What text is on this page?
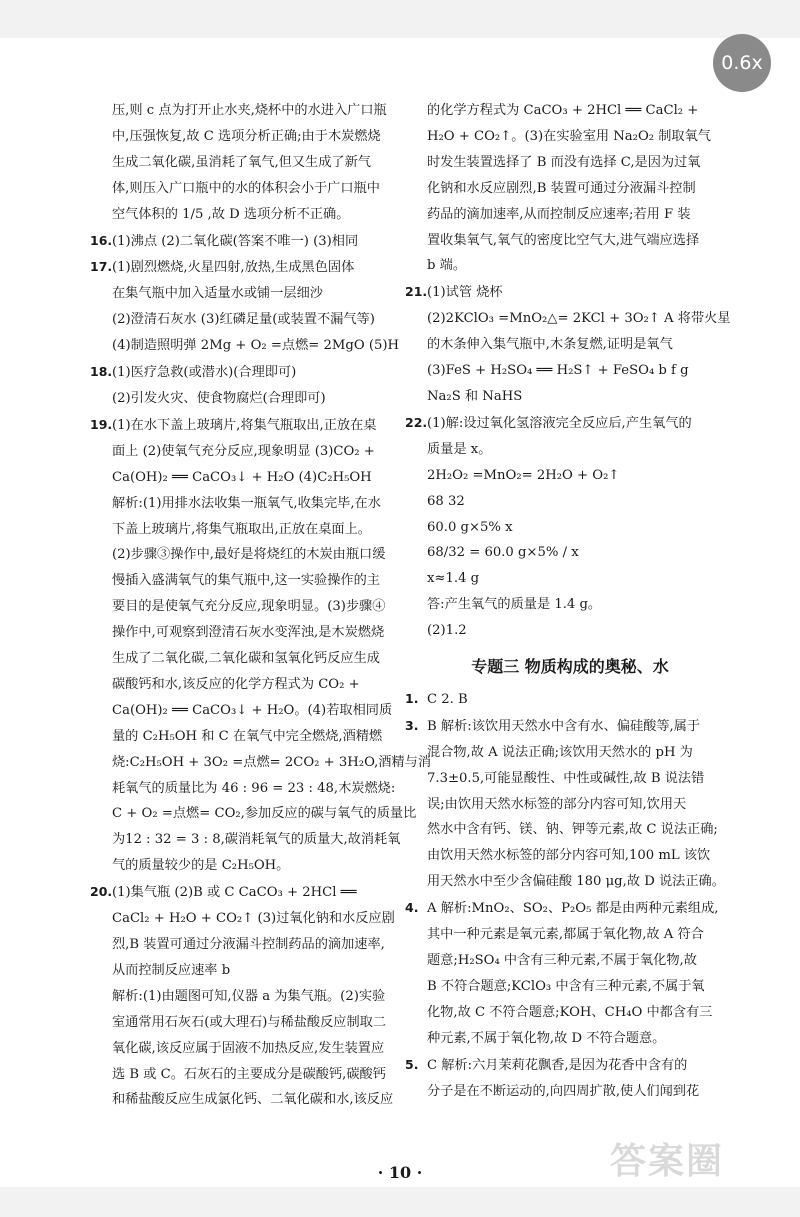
0.6x
压,则 c 点为打开止水夹,烧杯中的水进入广口瓶
中,压强恢复,故 C 选项分析正确;由于木炭燃烧
生成二氧化碳,虽消耗了氧气,但又生成了新气
体,则压入广口瓶中的水的体积会小于广口瓶中
空气体积的 1/5 ,故 D 选项分析不正确。
16.(1)沸点 (2)二氧化碳(答案不唯一) (3)相同
17.(1)剧烈燃烧,火星四射,放热,生成黑色固体
在集气瓶中加入适量水或铺一层细沙
(2)澄清石灰水 (3)红磷足量(或装置不漏气等)
(4)制造照明弹 2Mg + O₂ =点燃= 2MgO (5)H
18.(1)医疗急救(或潜水)(合理即可)
(2)引发火灾、使食物腐烂(合理即可)
19.(1)在水下盖上玻璃片,将集气瓶取出,正放在桌
面上 (2)使氧气充分反应,现象明显 (3)CO₂ +
Ca(OH)₂ ══ CaCO₃↓ + H₂O (4)C₂H₅OH
解析:(1)用排水法收集一瓶氧气,收集完毕,在水
下盖上玻璃片,将集气瓶取出,正放在桌面上。
(2)步骤③操作中,最好是将烧红的木炭由瓶口缓
慢插入盛满氧气的集气瓶中,这一实验操作的主
要目的是使氧气充分反应,现象明显。(3)步骤④
操作中,可观察到澄清石灰水变浑浊,是木炭燃烧
生成了二氧化碳,二氧化碳和氢氧化钙反应生成
碳酸钙和水,该反应的化学方程式为 CO₂ +
Ca(OH)₂ ══ CaCO₃↓ + H₂O。(4)若取相同质
量的 C₂H₅OH 和 C 在氧气中完全燃烧,酒精燃
烧:C₂H₅OH + 3O₂ =点燃= 2CO₂ + 3H₂O,酒精与消
耗氧气的质量比为 46 : 96 = 23 : 48,木炭燃烧:
C + O₂ =点燃= CO₂,参加反应的碳与氧气的质量比
为12 : 32 = 3 : 8,碳消耗氧气的质量大,故消耗氧
气的质量较少的是 C₂H₅OH。
20.(1)集气瓶 (2)B 或 C CaCO₃ + 2HCl ══
CaCl₂ + H₂O + CO₂↑ (3)过氧化钠和水反应剧
烈,B 装置可通过分液漏斗控制药品的滴加速率,
从而控制反应速率 b
解析:(1)由题图可知,仪器 a 为集气瓶。(2)实验
室通常用石灰石(或大理石)与稀盐酸反应制取二
氧化碳,该反应属于固液不加热反应,发生装置应
选 B 或 C。石灰石的主要成分是碳酸钙,碳酸钙
和稀盐酸反应生成氯化钙、二氧化碳和水,该反应
的化学方程式为 CaCO₃ + 2HCl ══ CaCl₂ +
H₂O + CO₂↑。(3)在实验室用 Na₂O₂ 制取氧气
时发生装置选择了 B 而没有选择 C,是因为过氧
化钠和水反应剧烈,B 装置可通过分液漏斗控制
药品的滴加速率,从而控制反应速率;若用 F 装
置收集氧气,氧气的密度比空气大,进气端应选择
b 端。
21.(1)试管 烧杯
(2)2KClO₃ =MnO₂△= 2KCl + 3O₂↑ A 将带火星
的木条伸入集气瓶中,木条复燃,证明是氧气
(3)FeS + H₂SO₄ ══ H₂S↑ + FeSO₄ b f g
Na₂S 和 NaHS
22.(1)解:设过氧化氢溶液完全反应后,产生氧气的
质量是 x。
2H₂O₂ =MnO₂= 2H₂O + O₂↑
68 32
60.0 g×5% x
68/32 = 60.0 g×5% / x
x≈1.4 g
答:产生氧气的质量是 1.4 g。
(2)1.2
专题三 物质构成的奥秘、水
1. C 2. B
3. B 解析:该饮用天然水中含有水、偏硅酸等,属于
混合物,故 A 说法正确;该饮用天然水的 pH 为
7.3±0.5,可能显酸性、中性或碱性,故 B 说法错
误;由饮用天然水标签的部分内容可知,饮用天
然水中含有钙、镁、钠、钾等元素,故 C 说法正确;
由饮用天然水标签的部分内容可知,100 mL 该饮
用天然水中至少含偏硅酸 180 μg,故 D 说法正确。
4. A 解析:MnO₂、SO₂、P₂O₅ 都是由两种元素组成,
其中一种元素是氧元素,都属于氧化物,故 A 符合
题意;H₂SO₄ 中含有三种元素,不属于氧化物,故
B 不符合题意;KClO₃ 中含有三种元素,不属于氧
化物,故 C 不符合题意;KOH、CH₄O 中都含有三
种元素,不属于氧化物,故 D 不符合题意。
5. C 解析:六月茉莉花飘香,是因为花香中含有的
分子是在不断运动的,向四周扩散,使人们闻到花
· 10 ·	答案圈
